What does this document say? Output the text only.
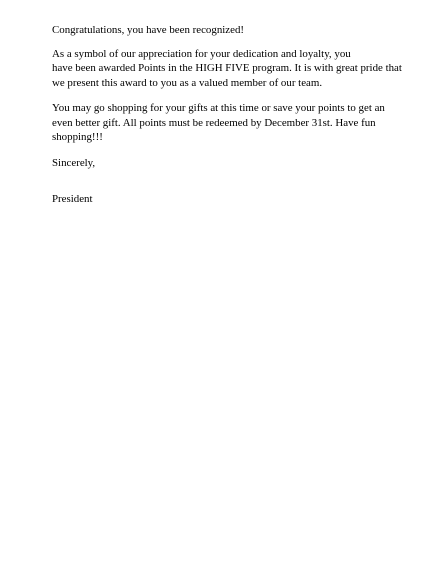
Congratulations, you have been recognized!

As a symbol of our appreciation for your dedication and loyalty, you
have been awarded Points in the HIGH FIVE program. It is with great pride that
we present this award to you as a valued member of our team.

You may go shopping for your gifts at this time or save your points to get an
even better gift. All points must be redeemed by December 31st. Have fun
shopping!!!

Sincerely,

President
